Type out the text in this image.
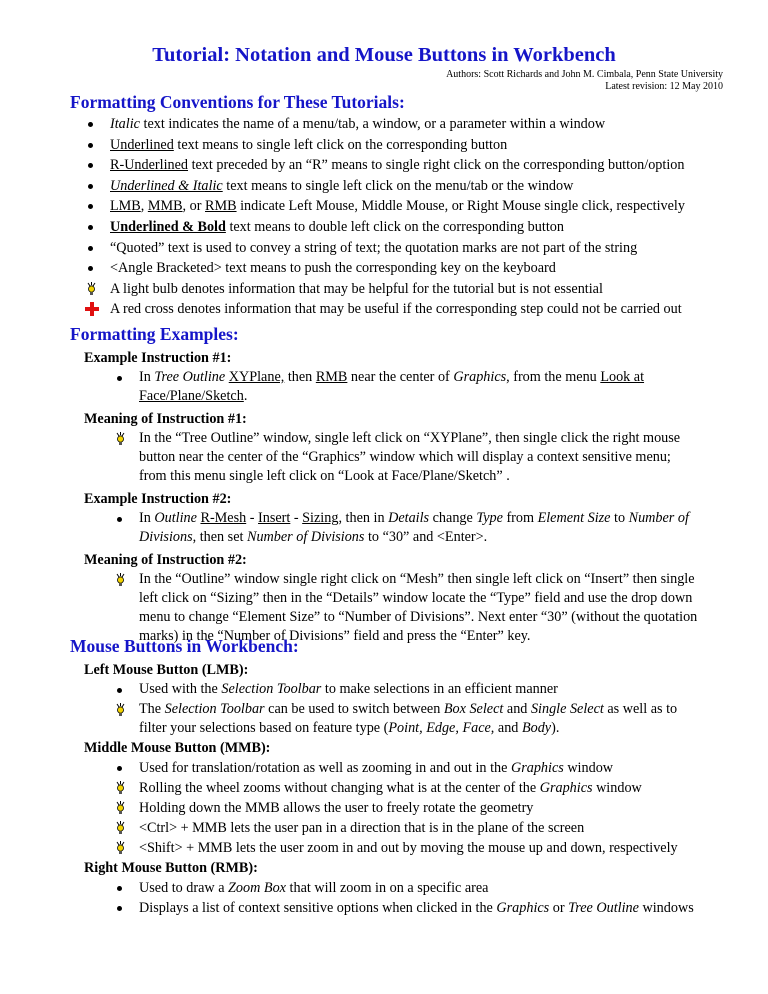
Tutorial: Notation and Mouse Buttons in Workbench
Authors: Scott Richards and John M. Cimbala, Penn State University
Latest revision: 12 May 2010
Formatting Conventions for These Tutorials:
Italic text indicates the name of a menu/tab, a window, or a parameter within a window
Underlined text means to single left click on the corresponding button
R-Underlined text preceded by an “R” means to single right click on the corresponding button/option
Underlined & Italic text means to single left click on the menu/tab or the window
LMB, MMB, or RMB indicate Left Mouse, Middle Mouse, or Right Mouse single click, respectively
Underlined & Bold text means to double left click on the corresponding button
“Quoted” text is used to convey a string of text; the quotation marks are not part of the string
<Angle Bracketed> text means to push the corresponding key on the keyboard
A light bulb denotes information that may be helpful for the tutorial but is not essential
A red cross denotes information that may be useful if the corresponding step could not be carried out
Formatting Examples:
Example Instruction #1:
In Tree Outline XYPlane, then RMB near the center of Graphics, from the menu Look at
Face/Plane/Sketch.
Meaning of Instruction #1:
In the “Tree Outline” window, single left click on “XYPlane”, then single click the right mouse
button near the center of the “Graphics” window which will display a context sensitive menu;
from this menu single left click on “Look at Face/Plane/Sketch” .
Example Instruction #2:
In Outline R-Mesh - Insert - Sizing, then in Details change Type from Element Size to Number of
Divisions, then set Number of Divisions to “30” and <Enter>.
Meaning of Instruction #2:
In the “Outline” window single right click on “Mesh” then single left click on “Insert” then single
left click on “Sizing” then in the “Details” window locate the “Type” field and use the drop down
menu to change “Element Size” to “Number of Divisions”. Next enter “30” (without the quotation
marks) in the “Number of Divisions” field and press the “Enter” key.
Mouse Buttons in Workbench:
Left Mouse Button (LMB):
Used with the Selection Toolbar to make selections in an efficient manner
The Selection Toolbar can be used to switch between Box Select and Single Select as well as to
filter your selections based on feature type (Point, Edge, Face, and Body).
Middle Mouse Button (MMB):
Used for translation/rotation as well as zooming in and out in the Graphics window
Rolling the wheel zooms without changing what is at the center of the Graphics window
Holding down the MMB allows the user to freely rotate the geometry
<Ctrl> + MMB lets the user pan in a direction that is in the plane of the screen
<Shift> + MMB lets the user zoom in and out by moving the mouse up and down, respectively
Right Mouse Button (RMB):
Used to draw a Zoom Box that will zoom in on a specific area
Displays a list of context sensitive options when clicked in the Graphics or Tree Outline windows
